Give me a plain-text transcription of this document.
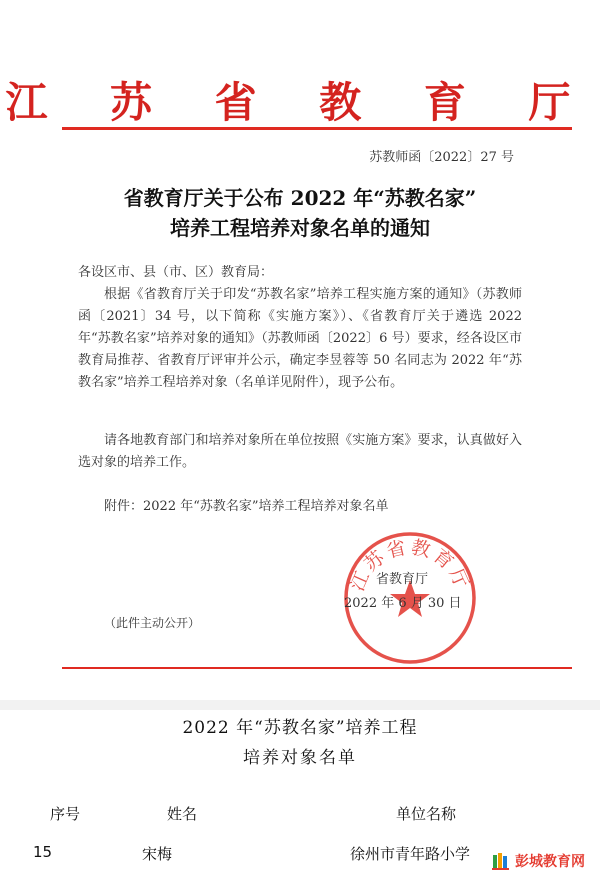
江 苏 省 教 育 厅
苏教师函〔2022〕27 号
省教育厅关于公布 2022 年“苏教名家”
培养工程培养对象名单的通知
各设区市、县（市、区）教育局：
根据《省教育厅关于印发“苏教名家”培养工程实施方案的通知》（苏教师函〔2021〕34 号，以下简称《实施方案》）、《省教育厅关于遴选 2022 年“苏教名家”培养对象的通知》（苏教师函〔2022〕6 号）要求，经各设区市教育局推荐、省教育厅评审并公示，确定李昱蓉等 50 名同志为 2022 年“苏教名家”培养工程培养对象（名单详见附件），现予公布。
请各地教育部门和培养对象所在单位按照《实施方案》要求，认真做好入选对象的培养工作。
附件：2022 年“苏教名家”培养工程培养对象名单
江苏省教育厅
省教育厅
2022 年 6 月 30 日
（此件主动公开）
2022 年“苏教名家”培养工程
培养对象名单
序号	姓名	单位名称
15	宋梅	徐州市青年路小学	彭城教育网
